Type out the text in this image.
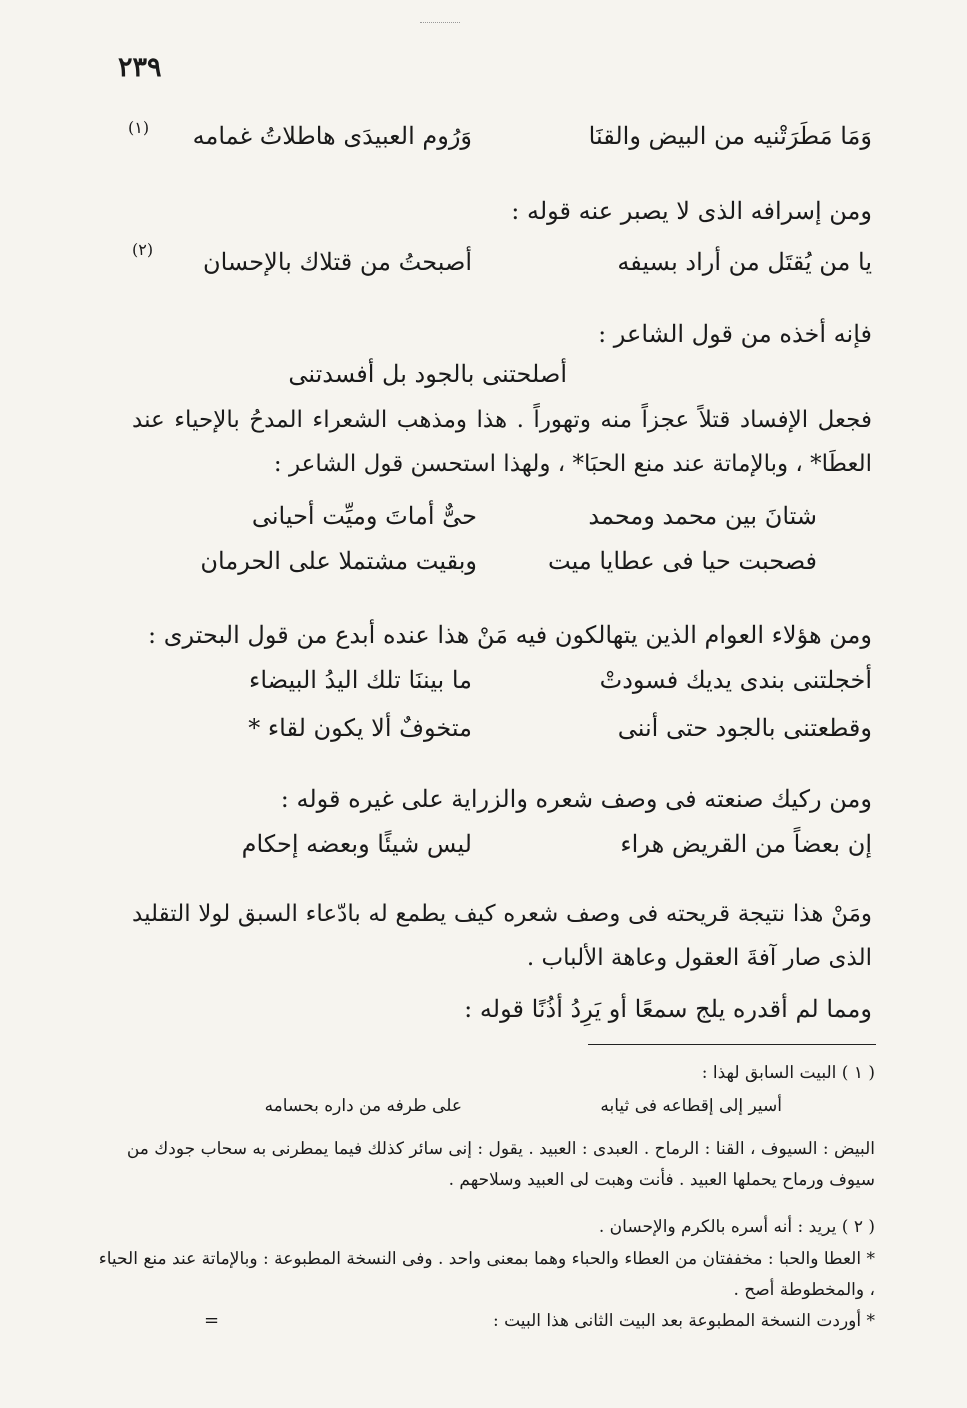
٢٣٩
وَمَا مَطَرَتْنيه من البيض والقنَا
وَرُوم العبيدَى هاطلاتُ غمامه
(١)
ومن إسرافه الذى لا يصبر عنه قوله :
يا من يُقتَل من أراد بسيفه
أصبحتُ من قتلاك بالإحسان
(٢)
فإنه أخذه من قول الشاعر :
أصلحتنى بالجود بل أفسدتنى
فجعل الإفساد قتلاً عجزاً منه وتهوراً . هذا ومذهب الشعراء المدحُ بالإحياء عند العطَا* ، وبالإماتة عند منع الحبَا* ، ولهذا استحسن قول الشاعر :
شتانَ بين محمد ومحمد
حىٌّ أماتَ وميِّت أحيانى
فصحبت حيا فى عطايا ميت
وبقيت مشتملا على الحرمان
ومن هؤلاء العوام الذين يتهالكون فيه مَنْ هذا عنده أبدع من قول البحترى :
أخجلتنى بندى يديك فسودتْ
ما بيننَا تلك اليدُ البيضاء
وقطعتنى بالجود حتى أننى
متخوفٌ ألا يكون لقاء *
ومن ركيك صنعته فى وصف شعره والزراية على غيره قوله :
إن بعضاً من القريض هراء
ليس شيئًا وبعضه إحكام
ومَنْ هذا نتيجة قريحته فى وصف شعره كيف يطمع له بادّعاء السبق لولا التقليد الذى صار آفةَ العقول وعاهة الألباب .
ومما لم أقدره يلج سمعًا أو يَرِدُ أذُنًا قوله :
( ١ ) البيت السابق لهذا :
أسير إلى إقطاعه فى ثيابه
على طرفه من داره بحسامه
البيض : السيوف ، القنا : الرماح . العبدى : العبيد . يقول : إنى سائر كذلك فيما يمطرنى به سحاب جودك من سيوف ورماح يحملها العبيد . فأنت وهبت لى العبيد وسلاحهم .
( ٢ ) يريد : أنه أسره بالكرم والإحسان .
* العطا والحبا : مخففتان من العطاء والحباء وهما بمعنى واحد . وفى النسخة المطبوعة : وبالإماتة عند منع الحياء ، والمخطوطة أصح .
* أوردت النسخة المطبوعة بعد البيت الثانى هذا البيت :
=
